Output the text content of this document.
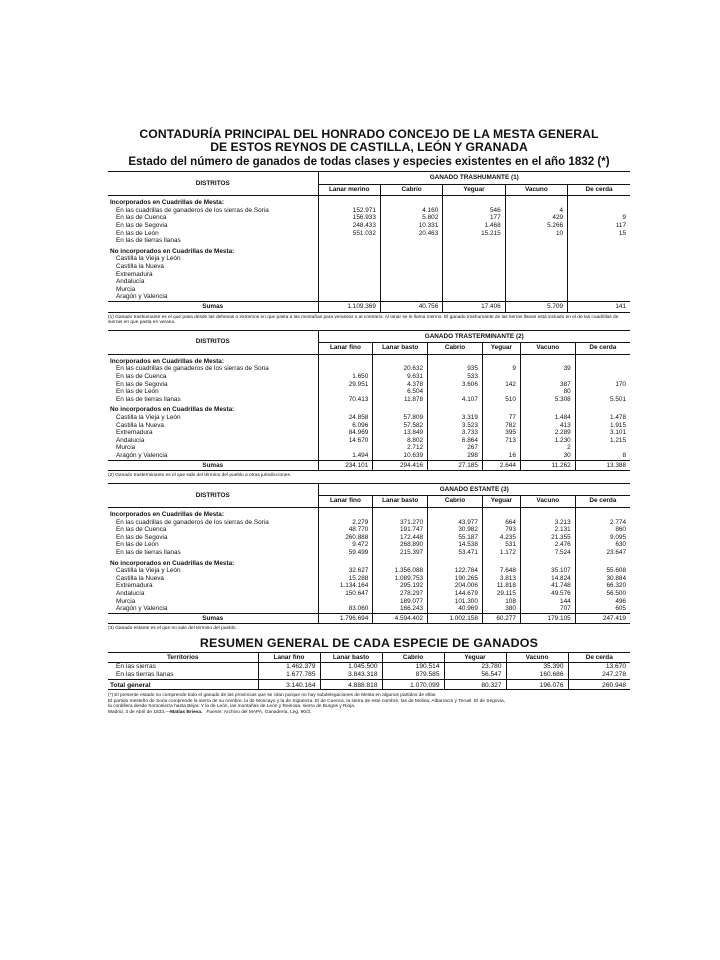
CONTADURÍA PRINCIPAL DEL HONRADO CONCEJO DE LA MESTA GENERAL
DE ESTOS REYNOS DE CASTILLA, LEÓN Y GRANADA
Estado del número de ganados de todas clases y especies existentes en el año 1832 (*)
DISTRITOS	GANADO TRASHUMANTE (1)				
	Lanar merino	Cabrío	Yeguar	Vacuno	De cerda
Incorporados en Cuadrillas de Mesta:					
En las cuadrillas de ganaderos de los sierras de Soria	152.971	4.160	546	4	
En las de Cuenca	156.933	5.802	177	429	9
En las de Segovia	248.433	10.331	1.468	5.266	117
En las de León	551.032	20.463	15.215	10	15
En las de tierras llanas					
No incorporados en Cuadrillas de Mesta:					
Castilla la Vieja y León					
Castilla la Nueva					
Extremadura					
Andalucía					
Murcia					
Aragón y Valencia					
Sumas	1.109.369	40.756	17.406	5.709	141
(1) Ganado trashumante es el que pasa desde las dehesas o extremos en que pasta a las montañas para veranear o al contrario. Al lanar se le llama merino. El ganado trashumante de las tierras llanas está incluido en el de las cuadrillas de sierras en que pasta en verano.
DISTRITOS	GANADO TRASTERMINANTE (2)					
	Lanar fino	Lanar basto	Cabrío	Yeguar	Vacuno	De cerda
Incorporados en Cuadrillas de Mesta:						
En las cuadrillas de ganaderos de los sierras de Soria		20.632	935	9	39	
En las de Cuenca	1.650	9.631	533			
En las de Segovia	29.951	4.378	3.606	142	387	170
En las de León		6.504			80	
En las de tierras llanas	70.413	11.878	4.107	510	5.308	5.501
No incorporados en Cuadrillas de Mesta:						
Castilla la Vieja y León	24.858	57.809	3.319	77	1.484	1.478
Castilla la Nueva	6.096	57.582	3.523	782	413	1.915
Extremadura	84.969	13.849	3.733	395	2.289	3.101
Andalucía	14.670	8.802	6.864	713	1.230	1.215
Murcia		2.712	267		2	
Aragón y Valencia	1.494	10.639	298	16	30	8
Sumas	234.101	294.416	27.185	2.644	11.262	13.388
(2) Ganado trasterminante es el que sale del término del pueblo a otras jurisdicciones.
DISTRITOS	GANADO ESTANTE (3)					
	Lanar fino	Lanar basto	Cabrío	Yeguar	Vacuno	De cerda
Incorporados en Cuadrillas de Mesta:						
En las cuadrillas de ganaderos de los sierras de Soria	2.279	371.270	43.977	664	3.213	2.774
En las de Cuenca	48.770	191.747	30.982	793	2.131	860
En las de Segovia	260.888	172.448	55.187	4.235	21.355	9.095
En las de León	9.472	268.890	14.538	531	2.476	630
En las de tierras llanas	59.499	215.397	53.471	1.172	7.524	23.647
No incorporados en Cuadrillas de Mesta:						
Castilla la Vieja y León	32.627	1.356.088	122.784	7.648	35.107	55.608
Castilla la Nueva	15.288	1.089.753	190.265	3.813	14.824	30.884
Extremadura	1.134.164	295.192	204.006	11.818	41.748	66.320
Andalucía	150.647	278.297	144.679	29.115	49.576	56.500
Murcia		189.077	101.300	108	144	496
Aragón y Valencia	83.060	166.243	40.969	380	707	605
Sumas	1.796.694	4.594.402	1.002.158	60.277	179.105	247.419
(3) Ganado estante es el que no sale del término del pueblo.
RESUMEN GENERAL DE CADA ESPECIE DE GANADOS
Territorios	Lanar fino	Lanar basto	Cabrío	Yeguar	Vacuno	De cerda
En las sierras	1.462.379	1.045.500	190.514	23.780	35.390	13.670
En las tierras llanas	1.677.785	3.843.318	879.585	56.547	160.686	247.278
Total general	3.140.164	4.888.818	1.070.099	80.327	196.076	260.948
(*) El presente estado no comprende todo el ganado de las provincias que se citan porque no hay subdelegaciones de Mesta en algunos partidos de ellas.
El partido mesteño de Soria comprende la sierra de su nombre, la de Moncayo y la de Sigüenza. El de Cuenca, la sierra de este nombre, las de Molina, Albarracín y Teruel. El de Segovia,
la cordillera desde Somosierra hasta Béjar. Y la de León, las montañas de León y Reinosa, sierra de Burgos y Rioja.
Madrid, 3 de Abril de 1833.—Matías Brieva. Fuente: Archivo del MAPA, Ganadería, Leg. 90/3.
